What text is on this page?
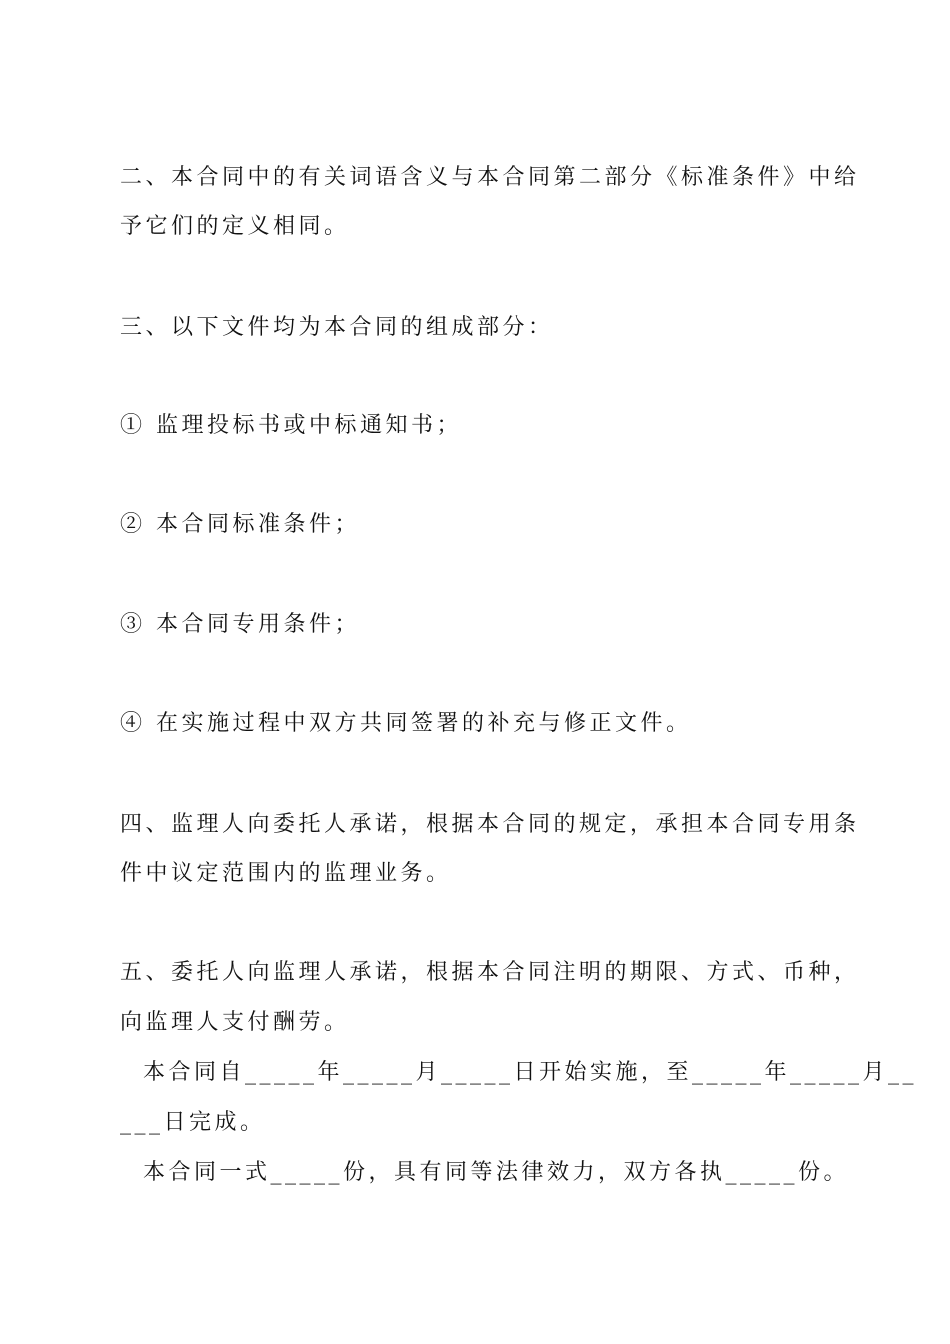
二、本合同中的有关词语含义与本合同第二部分《标准条件》中给
予它们的定义相同。
三、以下文件均为本合同的组成部分：
① 监理投标书或中标通知书；
② 本合同标准条件；
③ 本合同专用条件；
④ 在实施过程中双方共同签署的补充与修正文件。
四、监理人向委托人承诺，根据本合同的规定，承担本合同专用条
件中议定范围内的监理业务。
五、委托人向监理人承诺，根据本合同注明的期限、方式、币种，
向监理人支付酬劳。
本合同自_____年_____月_____日开始实施，至_____年_____月__
___日完成。
本合同一式_____份，具有同等法律效力，双方各执_____份。
